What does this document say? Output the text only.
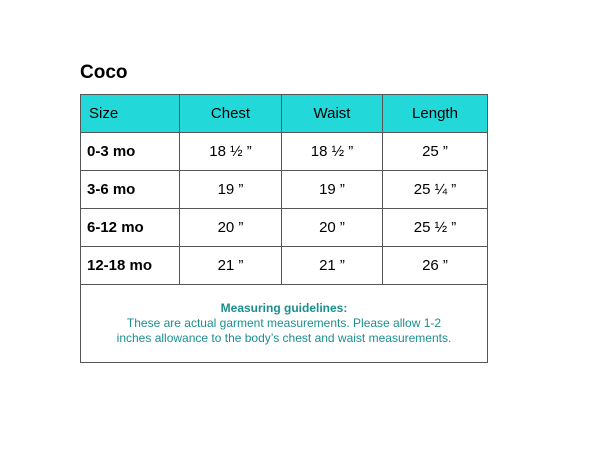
Coco
Size	Chest	Waist	Length
0-3 mo	18 ½ ”	18 ½ ”	25 ”
3-6 mo	19 ”	19 ”	25 ¼ ”
6-12 mo	20 ”	20 ”	25 ½ ”
12-18 mo	21 ”	21 ”	26 ”

Measuring guidelines:
These are actual garment measurements. Please allow 1-2
inches allowance to the body’s chest and waist measurements.			
